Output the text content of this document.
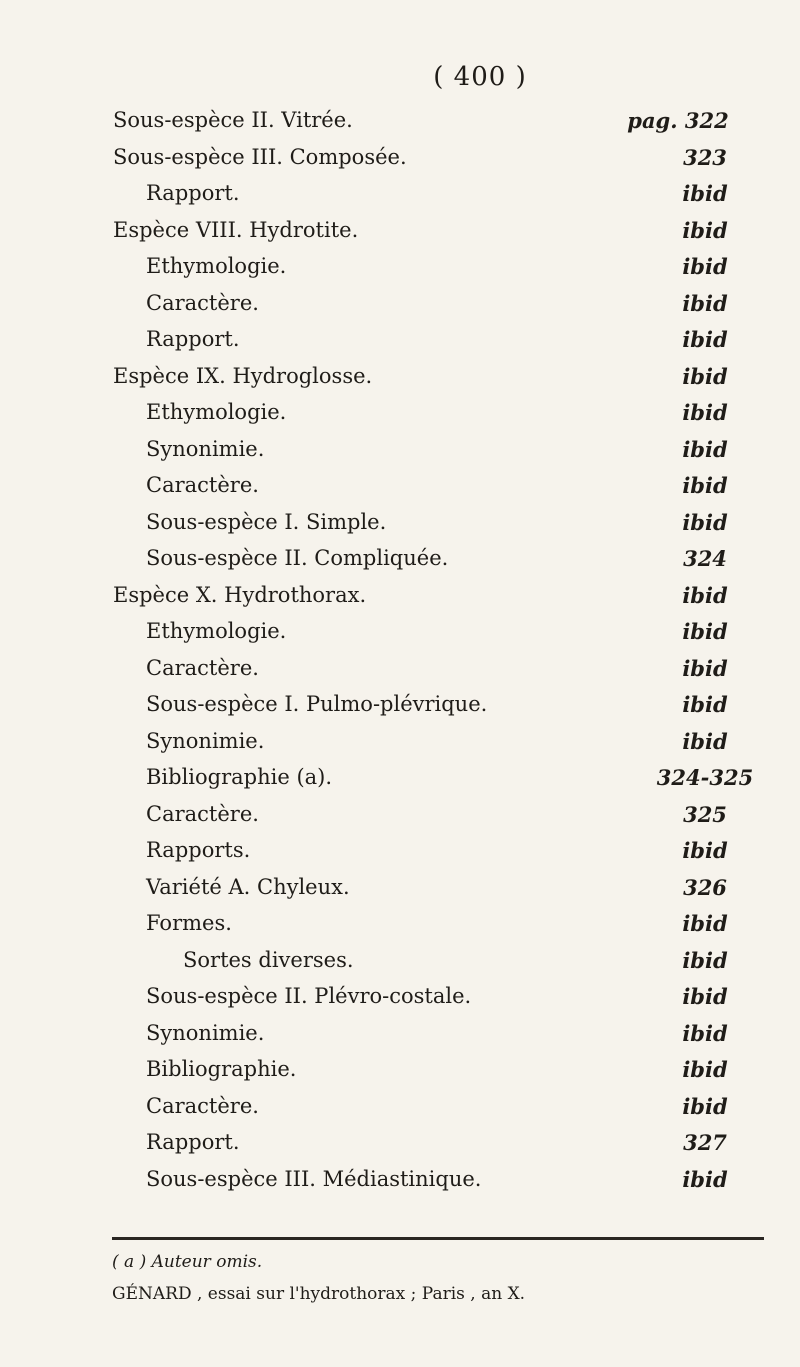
( 400 )
Sous-espèce II. Vitrée.	pag. 322
Sous-espèce III. Composée.	323
Rapport.	ibid
Espèce VIII. Hydrotite.	ibid
Ethymologie.	ibid
Caractère.	ibid
Rapport.	ibid
Espèce IX. Hydroglosse.	ibid
Ethymologie.	ibid
Synonimie.	ibid
Caractère.	ibid
Sous-espèce I. Simple.	ibid
Sous-espèce II. Compliquée.	324
Espèce X. Hydrothorax.	ibid
Ethymologie.	ibid
Caractère.	ibid
Sous-espèce I. Pulmo-plévrique.	ibid
Synonimie.	ibid
Bibliographie (a).	324-325
Caractère.	325
Rapports.	ibid
Variété A. Chyleux.	326
Formes.	ibid
Sortes diverses.	ibid
Sous-espèce II. Plévro-costale.	ibid
Synonimie.	ibid
Bibliographie.	ibid
Caractère.	ibid
Rapport.	327
Sous-espèce III. Médiastinique.	ibid
( a ) Auteur omis.
GÉNARD , essai sur l'hydrothorax ; Paris , an X.
